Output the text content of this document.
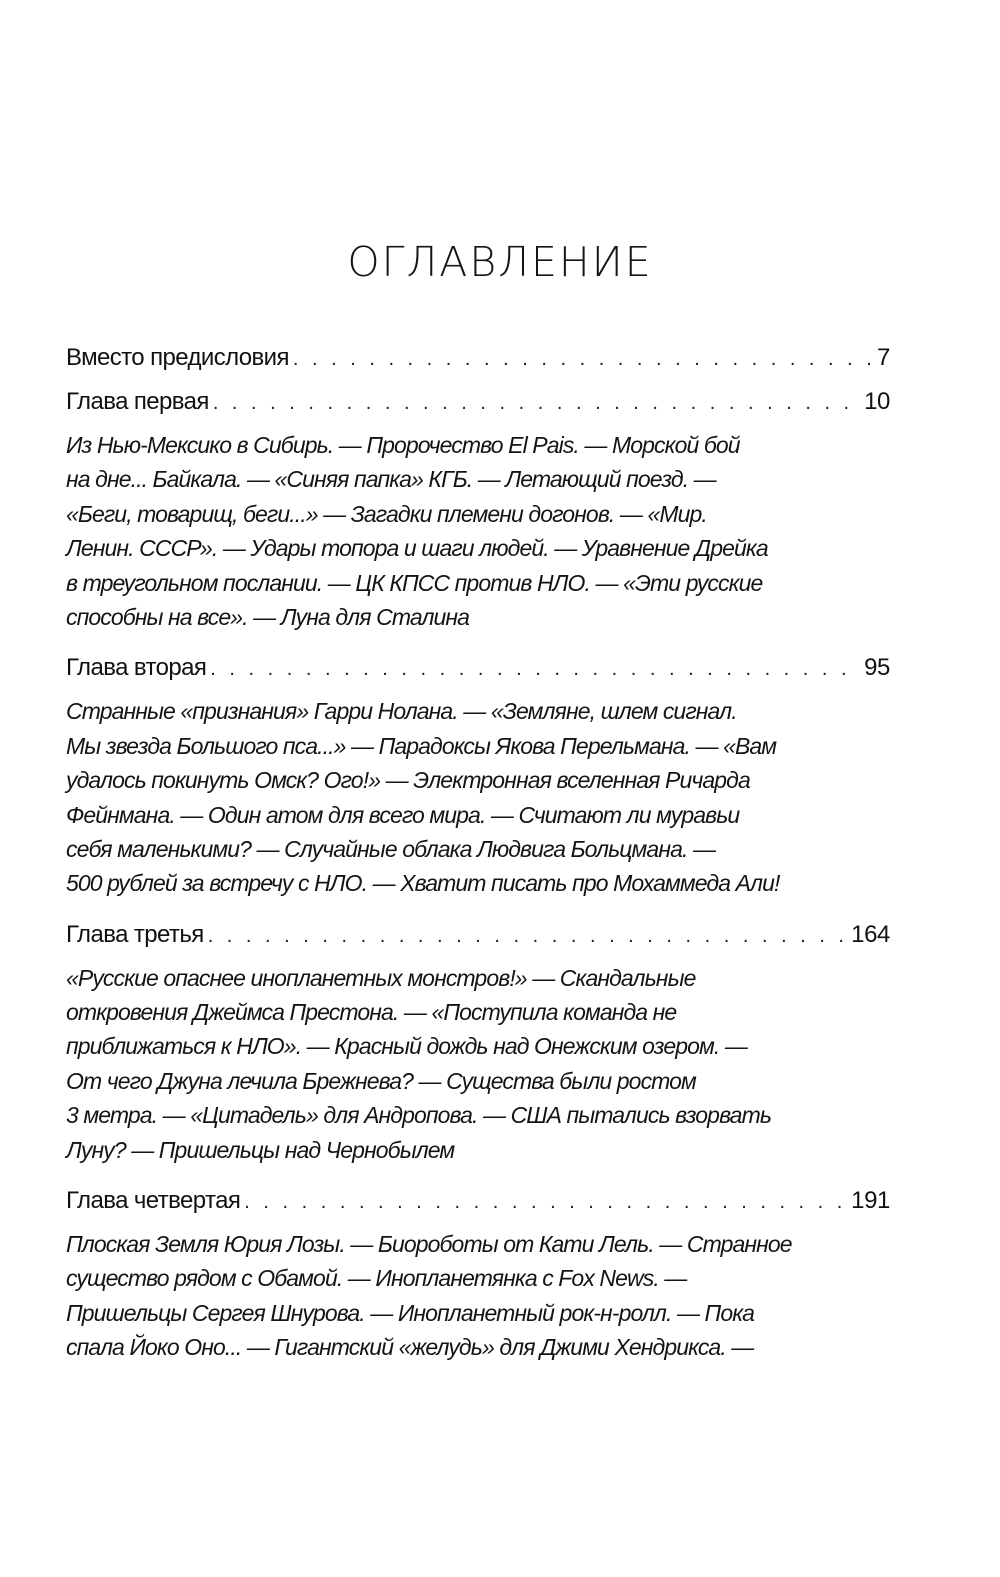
ОГЛАВЛЕНИЕ
Вместо предисловия . . .	7
Глава первая . . .	10
Из Нью-Мексико в Сибирь. — Пророчество El Pais. — Морской бой
на дне... Байкала. — «Синяя папка» КГБ. — Летающий поезд. —
«Беги, товарищ, беги...» — Загадки племени догонов. — «Мир.
Ленин. СССР». — Удары топора и шаги людей. — Уравнение Дрейка
в треугольном послании. — ЦК КПСС против НЛО. — «Эти русские
способны на все». — Луна для Сталина
Глава вторая . . .	95
Странные «признания» Гарри Нолана. — «Земляне, шлем сигнал.
Мы звезда Большого пса...» — Парадоксы Якова Перельмана. — «Вам
удалось покинуть Омск? Ого!» — Электронная вселенная Ричарда
Фейнмана. — Один атом для всего мира. — Считают ли муравьи
себя маленькими? — Случайные облака Людвига Больцмана. —
500 рублей за встречу с НЛО. — Хватит писать про Мохаммеда Али!
Глава третья . . .	164
«Русские опаснее инопланетных монстров!» — Скандальные
откровения Джеймса Престона. — «Поступила команда не
приближаться к НЛО». — Красный дождь над Онежским озером. —
От чего Джуна лечила Брежнева? — Существа были ростом
3 метра. — «Цитадель» для Андропова. — США пытались взорвать
Луну? — Пришельцы над Чернобылем
Глава четвертая . . .	191
Плоская Земля Юрия Лозы. — Биороботы от Кати Лель. — Странное
существо рядом с Обамой. — Инопланетянка с Fox News. —
Пришельцы Сергея Шнурова. — Инопланетный рок-н-ролл. — Пока
спала Йоко Оно... — Гигантский «желудь» для Джими Хендрикса. —
